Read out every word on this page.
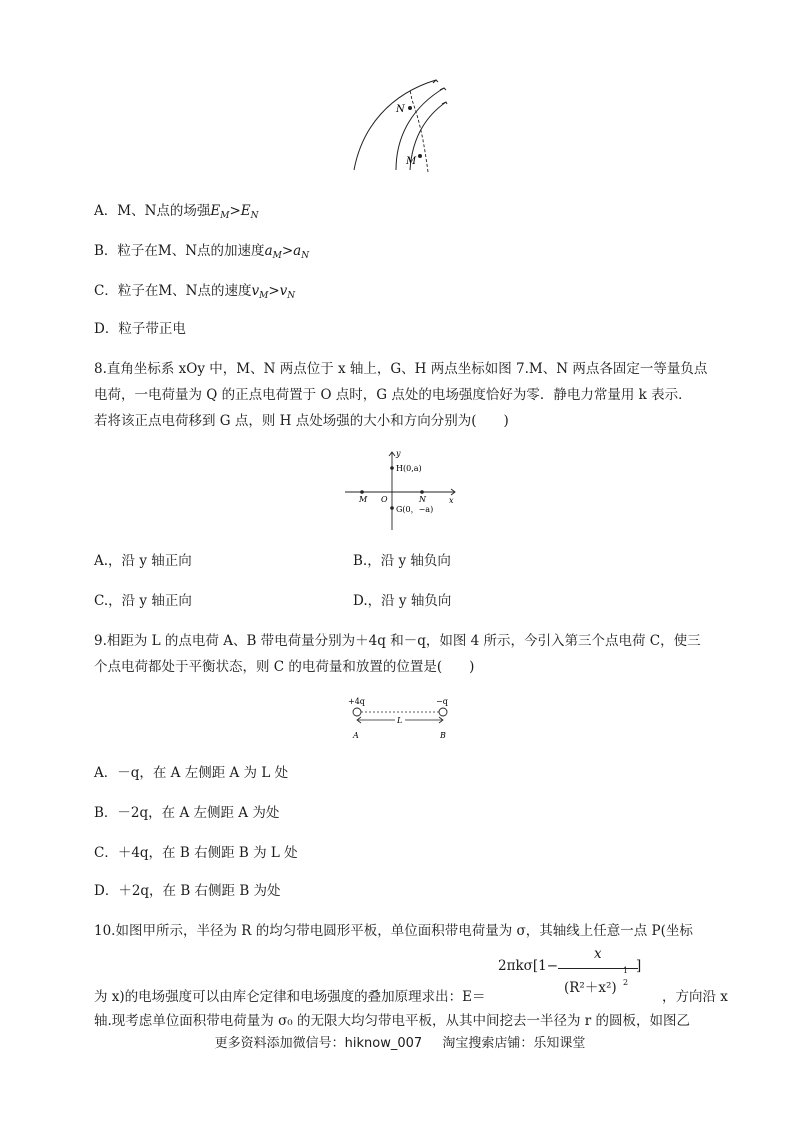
N
M
A．M、N点的场强$E_M>E_N$
B．粒子在M、N点的加速度$a_M>a_N$
C．粒子在M、N点的速度$v_M>v_N$
D．粒子带正电
8.直角坐标系 xOy 中，M、N 两点位于 x 轴上，G、H 两点坐标如图 7.M、N 两点各固定一等量负点
电荷，一电荷量为 Q 的正点电荷置于 O 点时，G 点处的电场强度恰好为零．静电力常量用 k 表示．
若将该正点电荷移到 G 点，则 H 点处场强的大小和方向分别为(　　)
y
x
H(0,a)
G(0，−a)
M O	N
A.，沿 y 轴正向	B.，沿 y 轴负向
C.，沿 y 轴正向	D.，沿 y 轴负向
9.相距为 L 的点电荷 A、B 带电荷量分别为＋4q 和－q，如图 4 所示，今引入第三个点电荷 C，使三
个点电荷都处于平衡状态，则 C 的电荷量和放置的位置是(　　)
+4q	−q
L
A	B
A．－q，在 A 左侧距 A 为 L 处
B．－2q，在 A 左侧距 A 为处
C．＋4q，在 B 右侧距 B 为 L 处
D．＋2q，在 B 右侧距 B 为处
10.如图甲所示，半径为 R 的均匀带电圆形平板，单位面积带电荷量为 σ，其轴线上任意一点 P(坐标
2πkσ[1−
x
(R²＋x²)
1
2
]
为 x)的电场强度可以由库仑定律和电场强度的叠加原理求出：E＝	，方向沿 x
轴.现考虑单位面积带电荷量为 σ₀ 的无限大均匀带电平板，从其中间挖去一半径为 r 的圆板，如图乙
更多资料添加微信号：hiknow_007 淘宝搜索店铺：乐知课堂
